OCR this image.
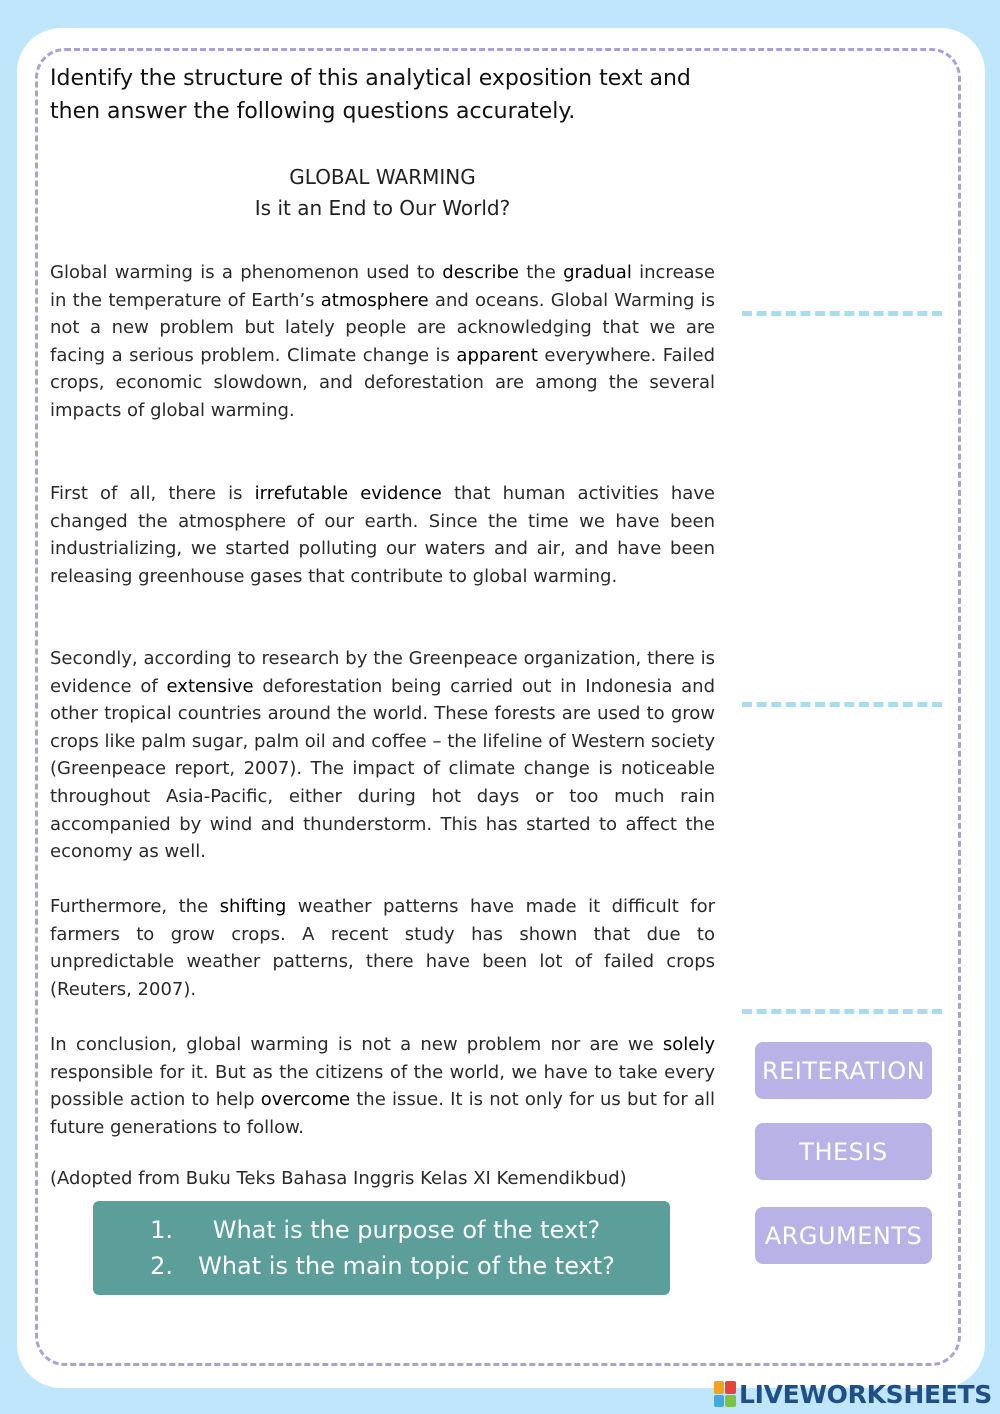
Identify the structure of this analytical exposition text and then answer the following questions accurately.
GLOBAL WARMING
Is it an End to Our World?

Global warming is a phenomenon used to describe the gradual increase in the temperature of Earth’s atmosphere and oceans. Global Warming is not a new problem but lately people are acknowledging that we are facing a serious problem. Climate change is apparent everywhere. Failed crops, economic slowdown, and deforestation are among the several impacts of global warming.

First of all, there is irrefutable evidence that human activities have changed the atmosphere of our earth. Since the time we have been industrializing, we started polluting our waters and air, and have been releasing greenhouse gases that contribute to global warming.

Secondly, according to research by the Greenpeace organization, there is evidence of extensive deforestation being carried out in Indonesia and other tropical countries around the world. These forests are used to grow crops like palm sugar, palm oil and coffee – the lifeline of Western society (Greenpeace report, 2007). The impact of climate change is noticeable throughout Asia-Pacific, either during hot days or too much rain accompanied by wind and thunderstorm. This has started to affect the economy as well.

Furthermore, the shifting weather patterns have made it difficult for farmers to grow crops. A recent study has shown that due to unpredictable weather patterns, there have been lot of failed crops (Reuters, 2007).

In conclusion, global warming is not a new problem nor are we solely responsible for it. But as the citizens of the world, we have to take every possible action to help overcome the issue. It is not only for us but for all future generations to follow.

(Adopted from Buku Teks Bahasa Inggris Kelas XI Kemendikbud)
1.	What is the purpose of the text?
2.	What is the main topic of the text?
REITERATION
THESIS
ARGUMENTS
LIVEWORKSHEETS
